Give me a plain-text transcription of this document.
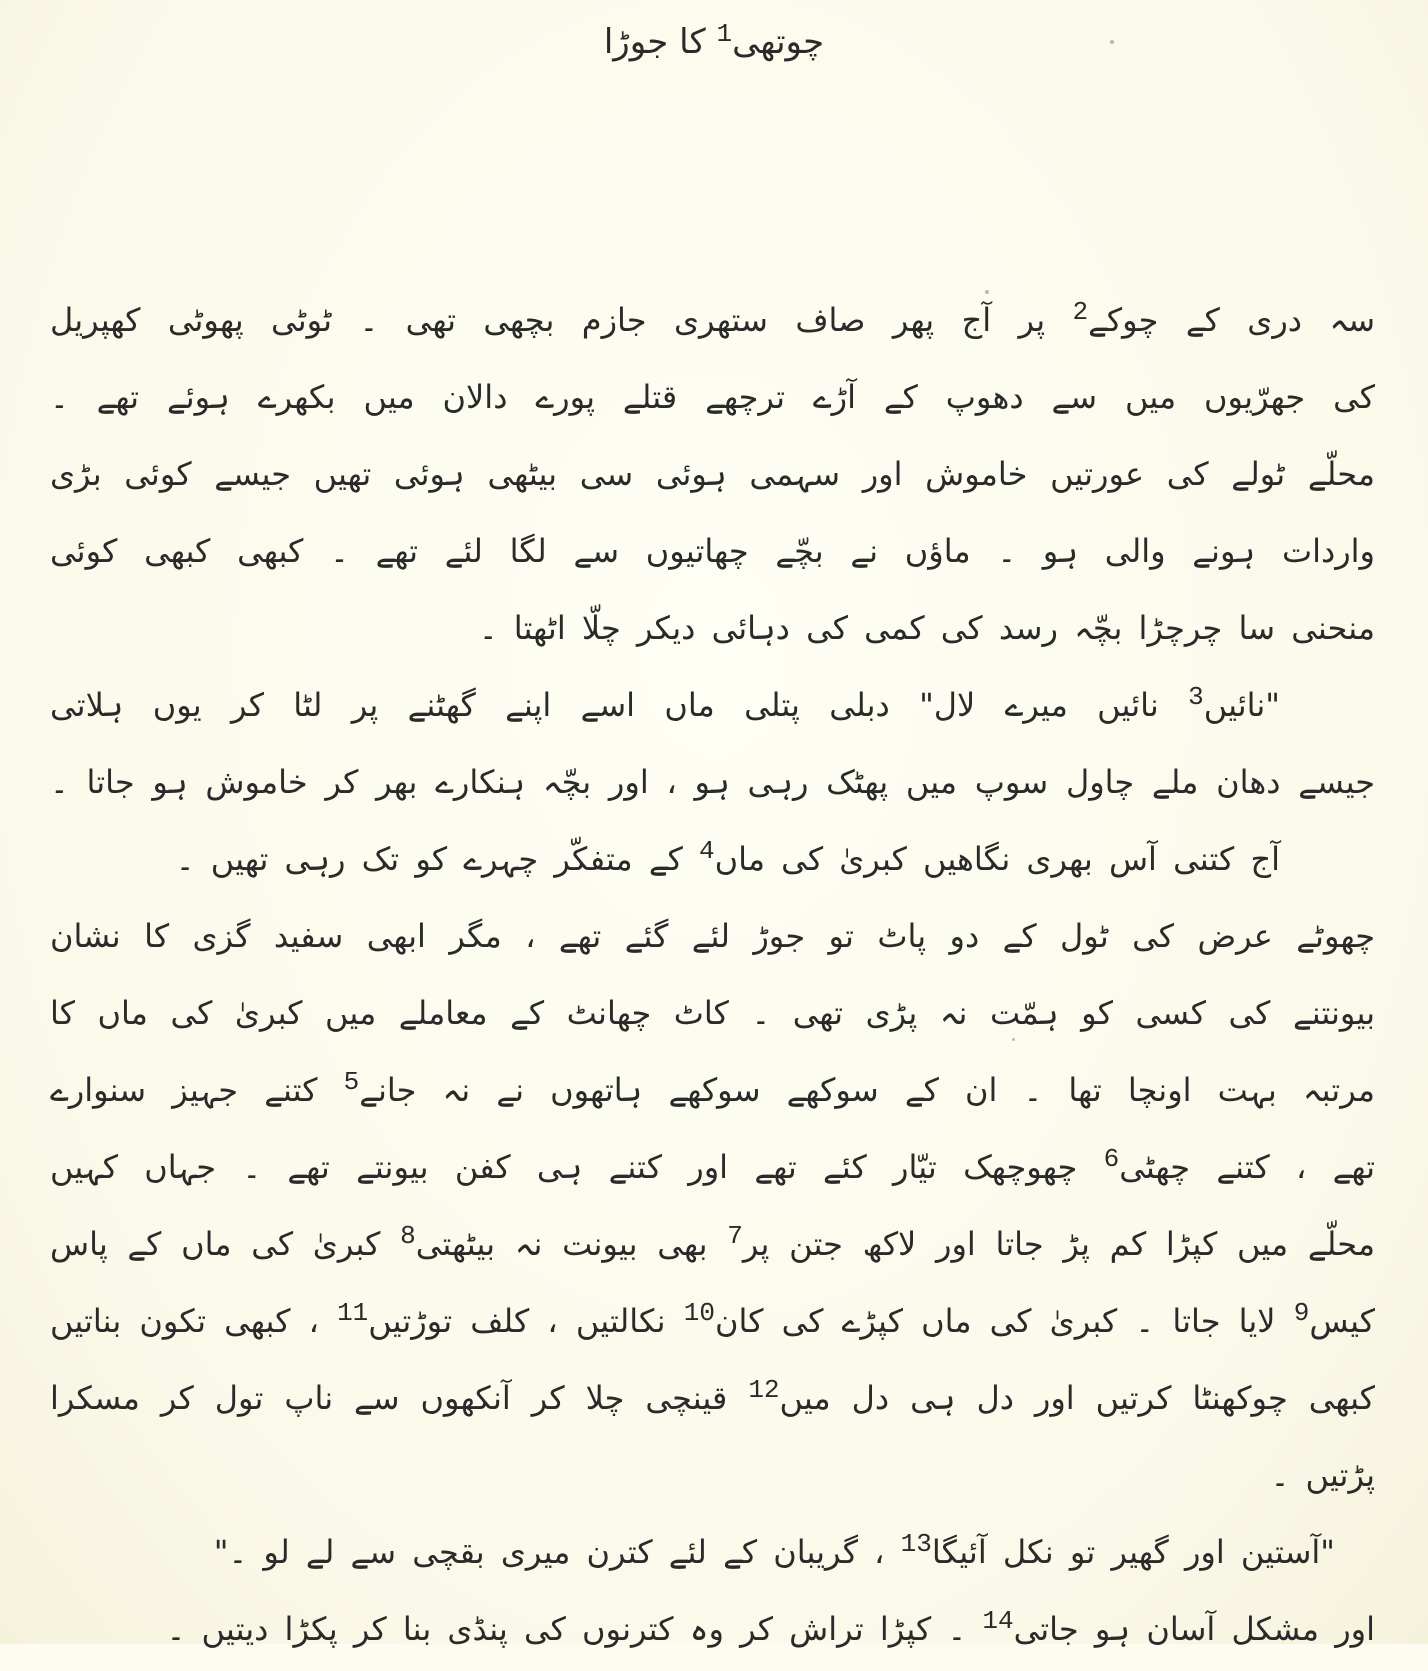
چوتھی$^1$ کا جوڑا
سہ دری کے چوکے$^2$ پر آج پھر صاف ستھری جازم بچھی تھی ۔ ٹوٹی پھوٹی کھپریل
کی جھرّیوں میں سے دھوپ کے آڑے ترچھے قتلے پورے دالان میں بکھرے ہوئے تھے ۔
محلّے ٹولے کی عورتیں خاموش اور سہمی ہوئی سی بیٹھی ہوئی تھیں جیسے کوئی بڑی
واردات ہونے والی ہو ۔ ماؤں نے بچّے چھاتیوں سے لگا لئے تھے ۔ کبھی کبھی کوئی
منحنی سا چرچڑا بچّہ رسد کی کمی کی دہائی دیکر چلّا اٹھتا ۔
"نائیں$^3$ نائیں میرے لال" دبلی پتلی ماں اسے اپنے گھٹنے پر لٹا کر یوں ہلاتی
جیسے دھان ملے چاول سوپ میں پھٹک رہی ہو ، اور بچّہ ہنکارے بھر کر خاموش ہو جاتا ۔
آج کتنی آس بھری نگاھیں کبریٰ کی ماں$^4$ کے متفکّر چہرے کو تک رہی تھیں ۔
چھوٹے عرض کی ٹول کے دو پاٹ تو جوڑ لئے گئے تھے ، مگر ابھی سفید گزی کا نشان
بیونتنے کی کسی کو ہمّت نہ پڑی تھی ۔ کاٹ چھانٹ کے معاملے میں کبریٰ کی ماں کا
مرتبہ بہت اونچا تھا ۔ ان کے سوکھے سوکھے ہاتھوں نے نہ جانے$^5$ کتنے جہیز سنوارے
تھے ، کتنے چھٹی$^6$ چھوچھک تیّار کئے تھے اور کتنے ہی کفن بیونتے تھے ۔ جہاں کہیں
محلّے میں کپڑا کم پڑ جاتا اور لاکھ جتن پر$^7$ بھی بیونت نہ بیٹھتی$^8$ کبریٰ کی ماں کے پاس
کیس$^9$ لایا جاتا ۔ کبریٰ کی ماں کپڑے کی کان$^{10}$ نکالتیں ، کلف توڑتیں$^{11}$ ، کبھی تکون بناتیں
کبھی چوکھنٹا کرتیں اور دل ہی دل میں$^{12}$ قینچی چلا کر آنکھوں سے ناپ تول کر مسکرا
پڑتیں ۔
"آستین اور گھیر تو نکل آئیگا$^{13}$ ، گریبان کے لئے کترن میری بقچی سے لے لو ۔"
اور مشکل آسان ہو جاتی$^{14}$ ۔ کپڑا تراش کر وہ کترنوں کی پنڈی بنا کر پکڑا دیتیں ۔
